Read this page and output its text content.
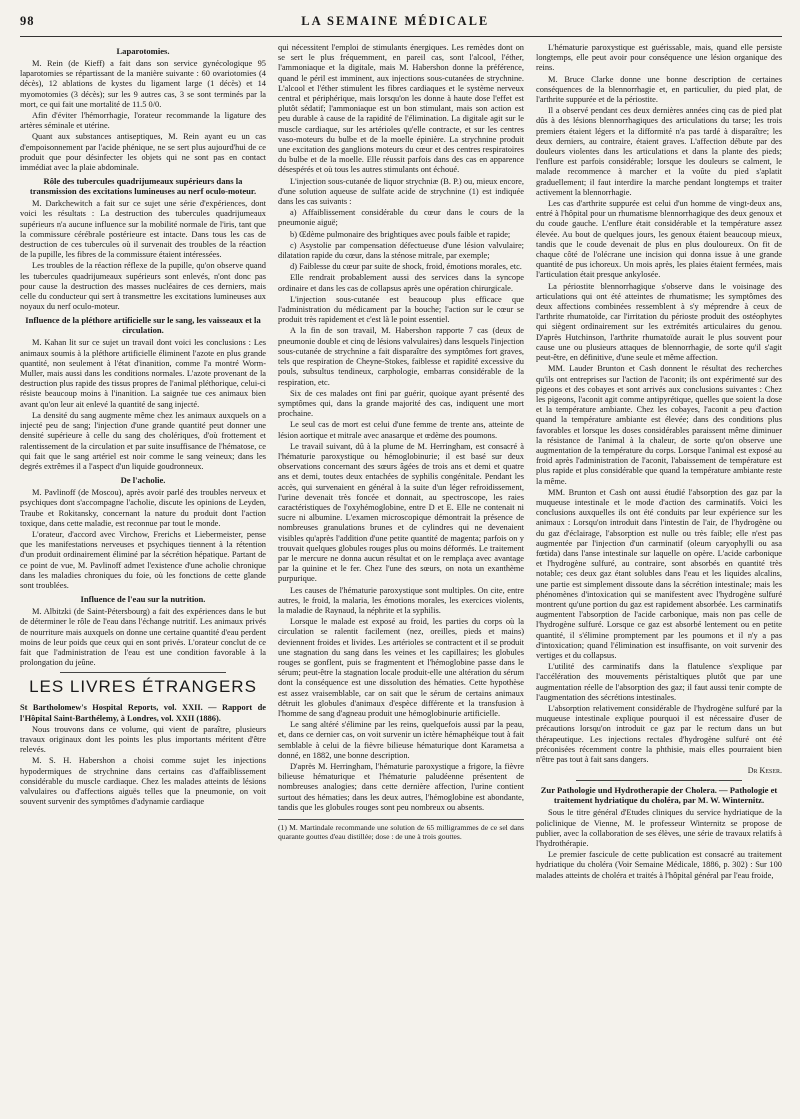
98	LA SEMAINE MÉDICALE
Laparotomies.

M. Rein (de Kieff) a fait dans son service gynécologique 95 laparotomies se répartissant de la manière suivante : 60 ovariotomies (4 décès), 12 ablations de kystes du ligament large (1 décès) et 14 myomotomies (3 décès); sur les 9 autres cas, 3 se sont terminés par la mort, ce qui fait une mortalité de 11.5 0/0.

Afin d'éviter l'hémorrhagie, l'orateur recommande la ligature des artères séminale et utérine.

Quant aux substances antiseptiques, M. Rein ayant eu un cas d'empoisonnement par l'acide phénique, ne se sert plus aujourd'hui de ce produit que pour désinfecter les objets qui ne sont pas en contact immédiat avec la plaie abdominale.

Rôle des tubercules quadrijumeaux supérieurs dans la transmission des excitations lumineuses au nerf oculo-moteur.

M. Darkchewitch a fait sur ce sujet une série d'expériences, dont voici les résultats : La destruction des tubercules quadrijumeaux supérieurs n'a aucune influence sur la mobilité normale de l'iris, tant que la commissure cérébrale postérieure est intacte. Dans tous les cas de destruction de ces tubercules où il survenait des troubles de la réaction de la pupille, les fibres de la commissure étaient intéressées.

Les troubles de la réaction réflexe de la pupille, qu'on observe quand les tubercules quadrijumeaux supérieurs sont enlevés, n'ont donc pas pour cause la destruction des masses nucléaires de ces derniers, mais celle du conducteur qui sert à transmettre les excitations lumineuses aux noyaux du nerf oculo-moteur.

Influence de la pléthore artificielle sur le sang, les vaisseaux et la circulation.

M. Kahan lit sur ce sujet un travail dont voici les conclusions : Les animaux soumis à la pléthore artificielle éliminent l'azote en plus grande quantité, non seulement à l'état d'inanition, comme l'a montré Worm-Muller, mais aussi dans les conditions normales. L'azote provenant de la destruction plus rapide des tissus propres de l'animal pléthorique, celui-ci résiste beaucoup moins à l'inanition. La saignée tue ces animaux bien avant qu'on leur ait enlevé la quantité de sang injecté.

La densité du sang augmente même chez les animaux auxquels on a injecté peu de sang; l'injection d'une grande quantité peut donner une densité supérieure à celle du sang des cholériques, d'où frottement et ralentissement de la circulation et par suite insuffisance de l'hématose, ce qui fait que le sang artériel est noir comme le sang veineux; dans les degrés extrêmes il a l'aspect d'un liquide goudronneux.

De l'acholie.

M. Pavlinoff (de Moscou), après avoir parlé des troubles nerveux et psychiques dont s'accompagne l'acholie, discute les opinions de Leyden, Traube et Rokitansky, concernant la nature du produit dont l'action toxique, dans cette maladie, est reconnue par tout le monde.

L'orateur, d'accord avec Virchow, Frerichs et Liebermeister, pense que les manifestations nerveuses et psychiques tiennent à la rétention d'un produit ordinairement éliminé par la sécrétion hépatique. Partant de ce point de vue, M. Pavlinoff admet l'existence d'une acholie chronique dans les maladies chroniques du foie, où les fonctions de cette glande sont troublées.

Influence de l'eau sur la nutrition.

M. Albitzki (de Saint-Pétersbourg) a fait des expériences dans le but de déterminer le rôle de l'eau dans l'échange nutritif. Les animaux privés de nourriture mais auxquels on donne une certaine quantité d'eau perdent moins de leur poids que ceux qui en sont privés. L'orateur conclut de ce fait que l'administration de l'eau est une condition favorable à la prolongation du jeûne.

LES LIVRES ÉTRANGERS

St Bartholomew's Hospital Reports, vol. XXII. — Rapport de l'Hôpital Saint-Barthélemy, à Londres, vol. XXII (1886).

Nous trouvons dans ce volume, qui vient de paraître, plusieurs travaux originaux dont les points les plus importants méritent d'être relevés.

M. S. H. Habershon a choisi comme sujet les injections hypodermiques de strychnine dans certains cas d'affaiblissement considérable du muscle cardiaque. Chez les malades atteints de lésions valvulaires ou d'affections aiguës telles que la pneumonie, on voit souvent survenir des symptômes d'adynamie cardiaque

qui nécessitent l'emploi de stimulants énergiques. Les remèdes dont on se sert le plus fréquemment, en pareil cas, sont l'alcool, l'éther, l'ammoniaque et la digitale, mais M. Habershon donne la préférence, quand le péril est imminent, aux injections sous-cutanées de strychnine. L'alcool et l'éther stimulent les fibres cardiaques et le système nerveux central et périphérique, mais lorsqu'on les donne à haute dose l'effet est plutôt sédatif; l'ammoniaque est un bon stimulant, mais son action est peu durable à cause de la rapidité de l'élimination. La digitale agit sur le muscle cardiaque, sur les artérioles qu'elle contracte, et sur les centres vaso-moteurs du bulbe et de la moelle épinière. La strychnine produit une excitation des ganglions moteurs du cœur et des centres respiratoires du bulbe et de la moelle. Elle réussit parfois dans des cas en apparence désespérés et où tous les autres stimulants ont échoué.

L'injection sous-cutanée de liquor strychniæ (B. P.) ou, mieux encore, d'une solution aqueuse de sulfate acide de strychnine (1) est indiquée dans les cas suivants :

a) Affaiblissement considérable du cœur dans le cours de la pneumonie aiguë;

b) Œdème pulmonaire des brightiques avec pouls faible et rapide;

c) Asystolie par compensation défectueuse d'une lésion valvulaire; dilatation rapide du cœur, dans la sténose mitrale, par exemple;

d) Faiblesse du cœur par suite de shock, froid, émotions morales, etc.

Elle rendrait probablement aussi des services dans la syncope ordinaire et dans les cas de collapsus après une opération chirurgicale.

L'injection sous-cutanée est beaucoup plus efficace que l'administration du médicament par la bouche; l'action sur le cœur se produit très rapidement et c'est là le point essentiel.

A la fin de son travail, M. Habershon rapporte 7 cas (deux de pneumonie double et cinq de lésions valvulaires) dans lesquels l'injection sous-cutanée de strychnine a fait disparaître des symptômes fort graves, tels que respiration de Cheyne-Stokes, faiblesse et rapidité excessive du pouls, subsultus tendineux, carphologie, embarras considérable de la respiration, etc.

Six de ces malades ont fini par guérir, quoique ayant présenté des symptômes qui, dans la grande majorité des cas, indiquent une mort prochaine.

Le seul cas de mort est celui d'une femme de trente ans, atteinte de lésion aortique et mitrale avec anasarque et œdème des poumons.

Le travail suivant, dû à la plume de M. Herringham, est consacré à l'hématurie paroxystique ou hémoglobinurie; il est basé sur deux observations concernant des sœurs âgées de trois ans et demi et quatre ans et demi, toutes deux entachées de syphilis congénitale. Pendant les accès, qui survenaient en général à la suite d'un léger refroidissement, l'urine devenait très foncée et donnait, au spectroscope, les raies caractéristiques de l'oxyhémoglobine, entre D et E. Elle ne contenait ni sucre ni albumine. L'examen microscopique démontrait la présence de nombreuses granulations brunes et de cylindres qui ne devenaient visibles qu'après l'addition d'une petite quantité de magenta; parfois on y trouvait quelques globules rouges plus ou moins déformés. Le traitement par le mercure ne donna aucun résultat et on le remplaça avec avantage par la quinine et le fer. Chez l'une des sœurs, on nota un exanthème purpurique.

Les causes de l'hématurie paroxystique sont multiples. On cite, entre autres, le froid, la malaria, les émotions morales, les exercices violents, la maladie de Raynaud, la néphrite et la syphilis.

Lorsque le malade est exposé au froid, les parties du corps où la circulation se ralentit facilement (nez, oreilles, pieds et mains) deviennent froides et livides. Les artérioles se contractent et il se produit une stagnation du sang dans les veines et les capillaires; les globules rouges se gonflent, puis se fragmentent et l'hémoglobine passe dans le sérum; peut-être la stagnation locale produit-elle une altération du sérum dont la conséquence est une dissolution des hématies. Cette hypothèse est assez vraisemblable, car on sait que le sérum de certains animaux détruit les globules d'animaux d'espèce différente et la transfusion à l'homme de sang d'agneau produit une hémoglobinurie artificielle.

Le sang altéré s'élimine par les reins, quelquefois aussi par la peau, et, dans ce dernier cas, on voit survenir un ictère hémaphéique tout à fait semblable à celui de la fièvre bilieuse hématurique dont Karametsa a donné, en 1882, une bonne description.

D'après M. Herringham, l'hématurie paroxystique a frigore, la fièvre bilieuse hématurique et l'hématurie paludéenne présentent de nombreuses analogies; dans cette dernière affection, l'urine contient surtout des hématies; dans les deux autres, l'hémoglobine est abondante, tandis que les globules rouges sont peu nombreux ou absents.

(1) M. Martindale recommande une solution de 65 milligrammes de ce sel dans quarante gouttes d'eau distillée; dose : de une à trois gouttes.

L'hématurie paroxystique est guérissable, mais, quand elle persiste longtemps, elle peut avoir pour conséquence une lésion organique des reins.

M. Bruce Clarke donne une bonne description de certaines conséquences de la blennorrhagie et, en particulier, du pied plat, de l'arthrite suppurée et de la périostite.

Il a observé pendant ces deux dernières années cinq cas de pied plat dûs à des lésions blennorrhagiques des articulations du tarse; les trois premiers étaient légers et la difformité n'a pas tardé à disparaître; les deux derniers, au contraire, étaient graves. L'affection débute par des douleurs violentes dans les articulations et dans la plante des pieds; l'enflure est parfois considérable; lorsque les douleurs se calment, le malade recommence à marcher et la voûte du pied s'aplatit graduellement; il faut interdire la marche pendant longtemps et traiter activement la blennorrhagie.

Les cas d'arthrite suppurée est celui d'un homme de vingt-deux ans, entré à l'hôpital pour un rhumatisme blennorrhagique des deux genoux et du coude gauche. L'enflure était considérable et la température assez élevée. Au bout de quelques jours, les genoux étaient beaucoup mieux, tandis que le coude devenait de plus en plus douloureux. On fit de chaque côté de l'olécrane une incision qui donna issue à une grande quantité de pus ichoreux. Un mois après, les plaies étaient fermées, mais l'articulation était presque ankylosée.

La périostite blennorrhagique s'observe dans le voisinage des articulations qui ont été atteintes de rhumatisme; les symptômes des deux affections combinées ressemblent à s'y méprendre à ceux de l'arthrite rhumatoïde, car l'irritation du périoste produit des ostéophytes qui siègent ordinairement sur les extrémités articulaires du genou. D'après Hutchinson, l'arthrite rhumatoïde aurait le plus souvent pour cause une ou plusieurs attaques de blennorrhagie, de sorte qu'il s'agit peut-être, en définitive, d'une seule et même affection.

MM. Lauder Brunton et Cash donnent le résultat des recherches qu'ils ont entreprises sur l'action de l'aconit; ils ont expérimenté sur des pigeons et des cobayes et sont arrivés aux conclusions suivantes : Chez les pigeons, l'aconit agit comme antipyrétique, quelles que soient la dose et la température ambiante. Chez les cobayes, l'aconit a peu d'action quand la température ambiante est élevée; dans des conditions plus favorables et lorsque les doses considérables paraissent même diminuer la résistance de l'animal à la chaleur, de sorte qu'on observe une augmentation de la température du corps. Lorsque l'animal est exposé au froid après l'administration de l'aconit, l'abaissement de température est plus rapide et plus considérable que quand la température ambiante reste la même.

MM. Brunton et Cash ont aussi étudié l'absorption des gaz par la muqueuse intestinale et le mode d'action des carminatifs. Voici les conclusions auxquelles ils ont été conduits par leur expérience sur les animaux : Lorsqu'on introduit dans l'intestin de l'air, de l'hydrogène ou du gaz d'éclairage, l'absorption est nulle ou très faible; elle n'est pas augmentée par l'injection d'un carminatif (oleum caryophylli ou asa fœtida) dans l'anse intestinale sur laquelle on opère. L'acide carbonique et l'hydrogène sulfuré, au contraire, sont absorbés en quantité très notable; ces deux gaz étant solubles dans l'eau et les liquides alcalins, une partie est simplement dissoute dans la sécrétion intestinale; mais les phénomènes d'intoxication qui se manifestent avec l'hydrogène sulfuré montrent qu'une portion du gaz est rapidement absorbée. Les carminatifs augmentent l'absorption de l'acide carbonique, mais non pas celle de l'hydrogène sulfuré. Lorsque ce gaz est absorbé lentement ou en petite quantité, il s'élimine promptement par les poumons et il n'y a pas d'intoxication; quand l'élimination est insuffisante, on voit survenir des vertiges et du collapsus.

L'utilité des carminatifs dans la flatulence s'explique par l'accélération des mouvements péristaltiques plutôt que par une augmentation réelle de l'absorption des gaz; il faut aussi tenir compte de l'augmentation des sécrétions intestinales.

L'absorption relativement considérable de l'hydrogène sulfuré par la muqueuse intestinale explique pourquoi il est nécessaire d'user de précautions lorsqu'on introduit ce gaz par le rectum dans un but thérapeutique. Les injections rectales d'hydrogène sulfuré ont été préconisées récemment contre la phthisie, mais elles pourraient bien n'être pas tout à fait sans dangers.

Dr Keser.
Zur Pathologie und Hydrotherapie der Cholera. — Pathologie et traitement hydriatique du choléra, par M. W. Winternitz.

Sous le titre général d'Etudes cliniques du service hydriatique de la policlinique de Vienne, M. le professeur Winternitz se propose de publier, avec la collaboration de ses élèves, une série de travaux relatifs à l'hydrothérapie.

Le premier fascicule de cette publication est consacré au traitement hydriatique du choléra (Voir Semaine Médicale, 1886, p. 302) : Sur 100 malades atteints de choléra et traités à l'hôpital général par l'eau froide,
